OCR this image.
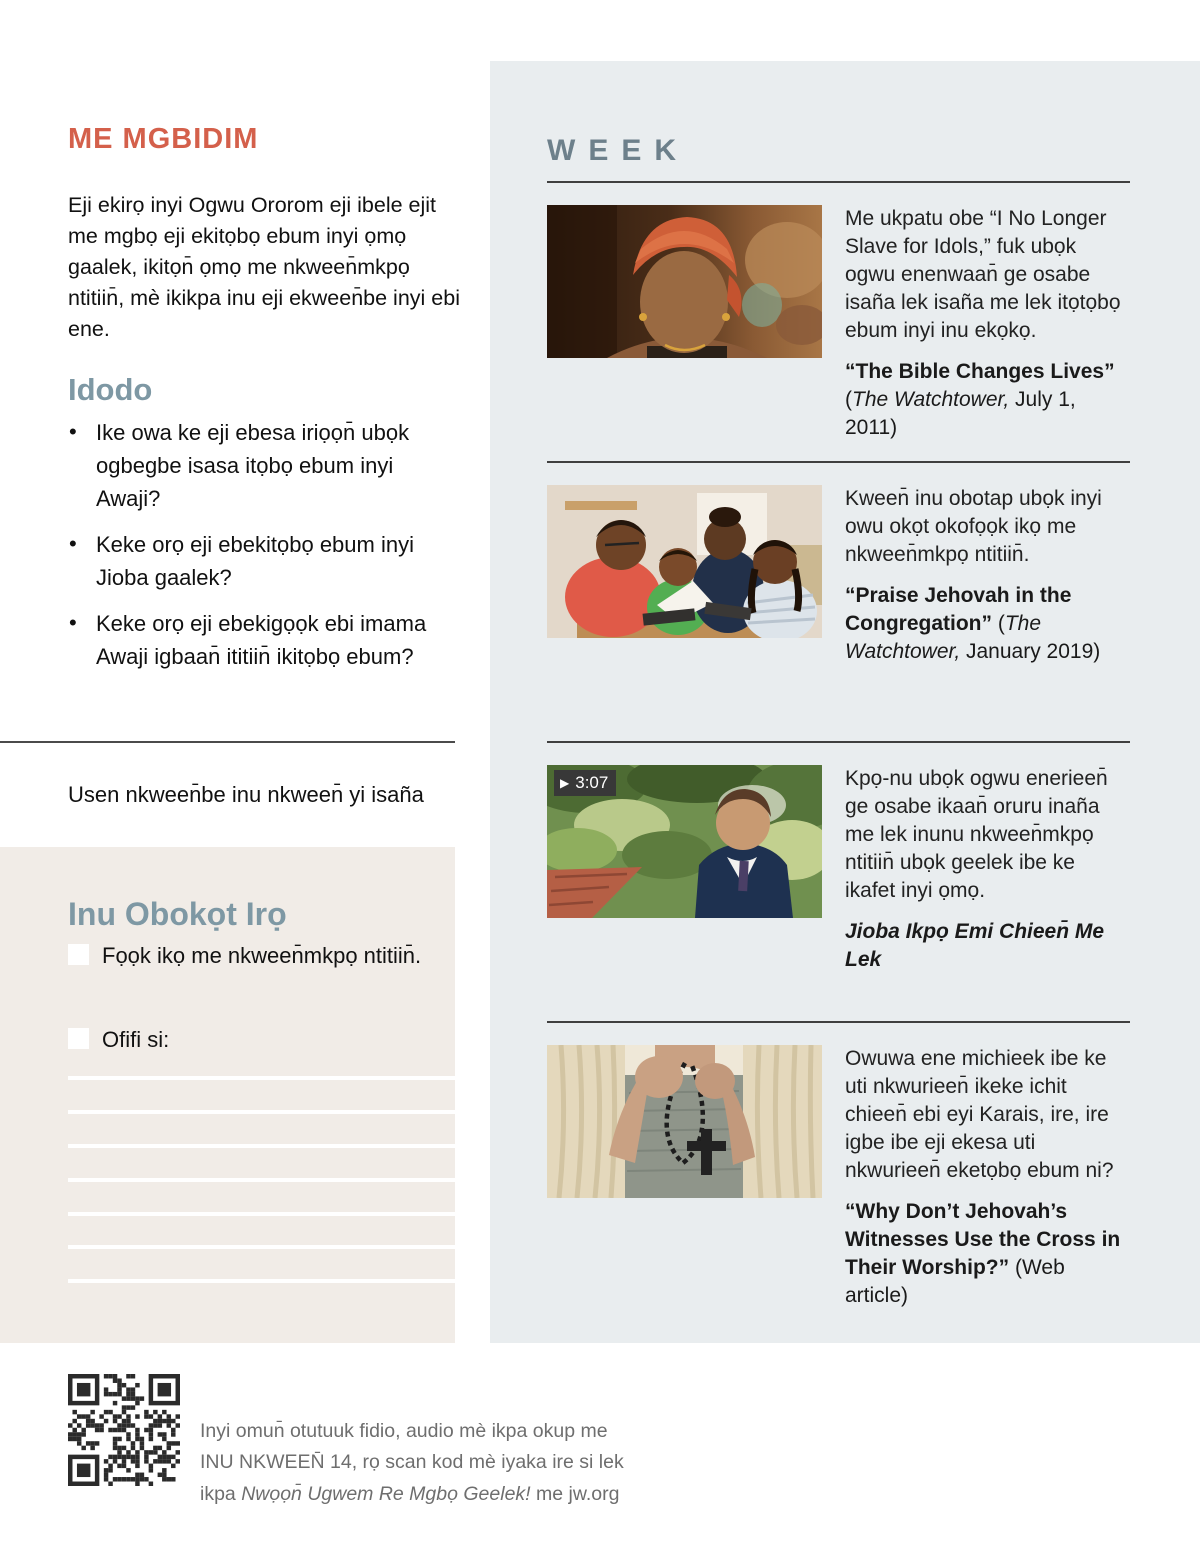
ME MGBIDIM

Eji ekirọ inyi Ogwu Ororom eji ibele ejit me mgbọ eji ekitọbọ ebum inyi ọmọ gaalek, ikitọn̄ ọmọ me nkween̄mkpọ ntitiin̄, mè ikikpa inu eji ekween̄be inyi ebi ene.

Idodo
• Ike owa ke eji ebesa iriọọn̄ ubọk ogbegbe isasa itọbọ ebum inyi Awaji?
• Keke orọ eji ebekitọbọ ebum inyi Jioba gaalek?
• Keke orọ eji ebekigọọk ebi imama Awaji igbaan̄ ititiin̄ ikitọbọ ebum?

Usen nkween̄be inu nkween̄ yi isaña

Inu Obokọt Irọ
Fọọk ikọ me nkween̄mkpọ ntitiin̄.
Ofifi si:

Inyi omun̄ otutuuk fidio, audio mè ikpa okup me INU NKWEEN̄ 14, rọ scan kod mè iyaka ire si lek ikpa Nwọọn̄ Ugwem Re Mgbọ Geelek! me jw.org

WEEK

Me ukpatu obe “I No Longer Slave for Idols,” fuk ubọk ogwu enenwaan̄ ge osabe isaña lek isaña me lek itọtọbọ ebum inyi inu ekọkọ.

“The Bible Changes Lives” (The Watchtower, July 1, 2011)

Kween̄ inu obotap ubọk inyi owu okọt okofọọk ikọ me nkween̄mkpọ ntitiin̄.

“Praise Jehovah in the Congregation” (The Watchtower, January 2019)

▶ 3:07	Kpọ-nu ubọk ogwu enerieen̄ ge osabe ikaan̄ oruru inaña me lek inunu nkween̄mkpọ ntitiin̄ ubọk geelek ibe ke ikafet inyi ọmọ.

Jioba Ikpọ Emi Chieen̄ Me Lek

Owuwa ene michieek ibe ke uti nkwurieen̄ ikeke ichit chieen̄ ebi eyi Karais, ire, ire igbe ibe eji ekesa uti nkwurieen̄ eketọbọ ebum ni?

“Why Don’t Jehovah’s Witnesses Use the Cross in Their Worship?” (Web article)
